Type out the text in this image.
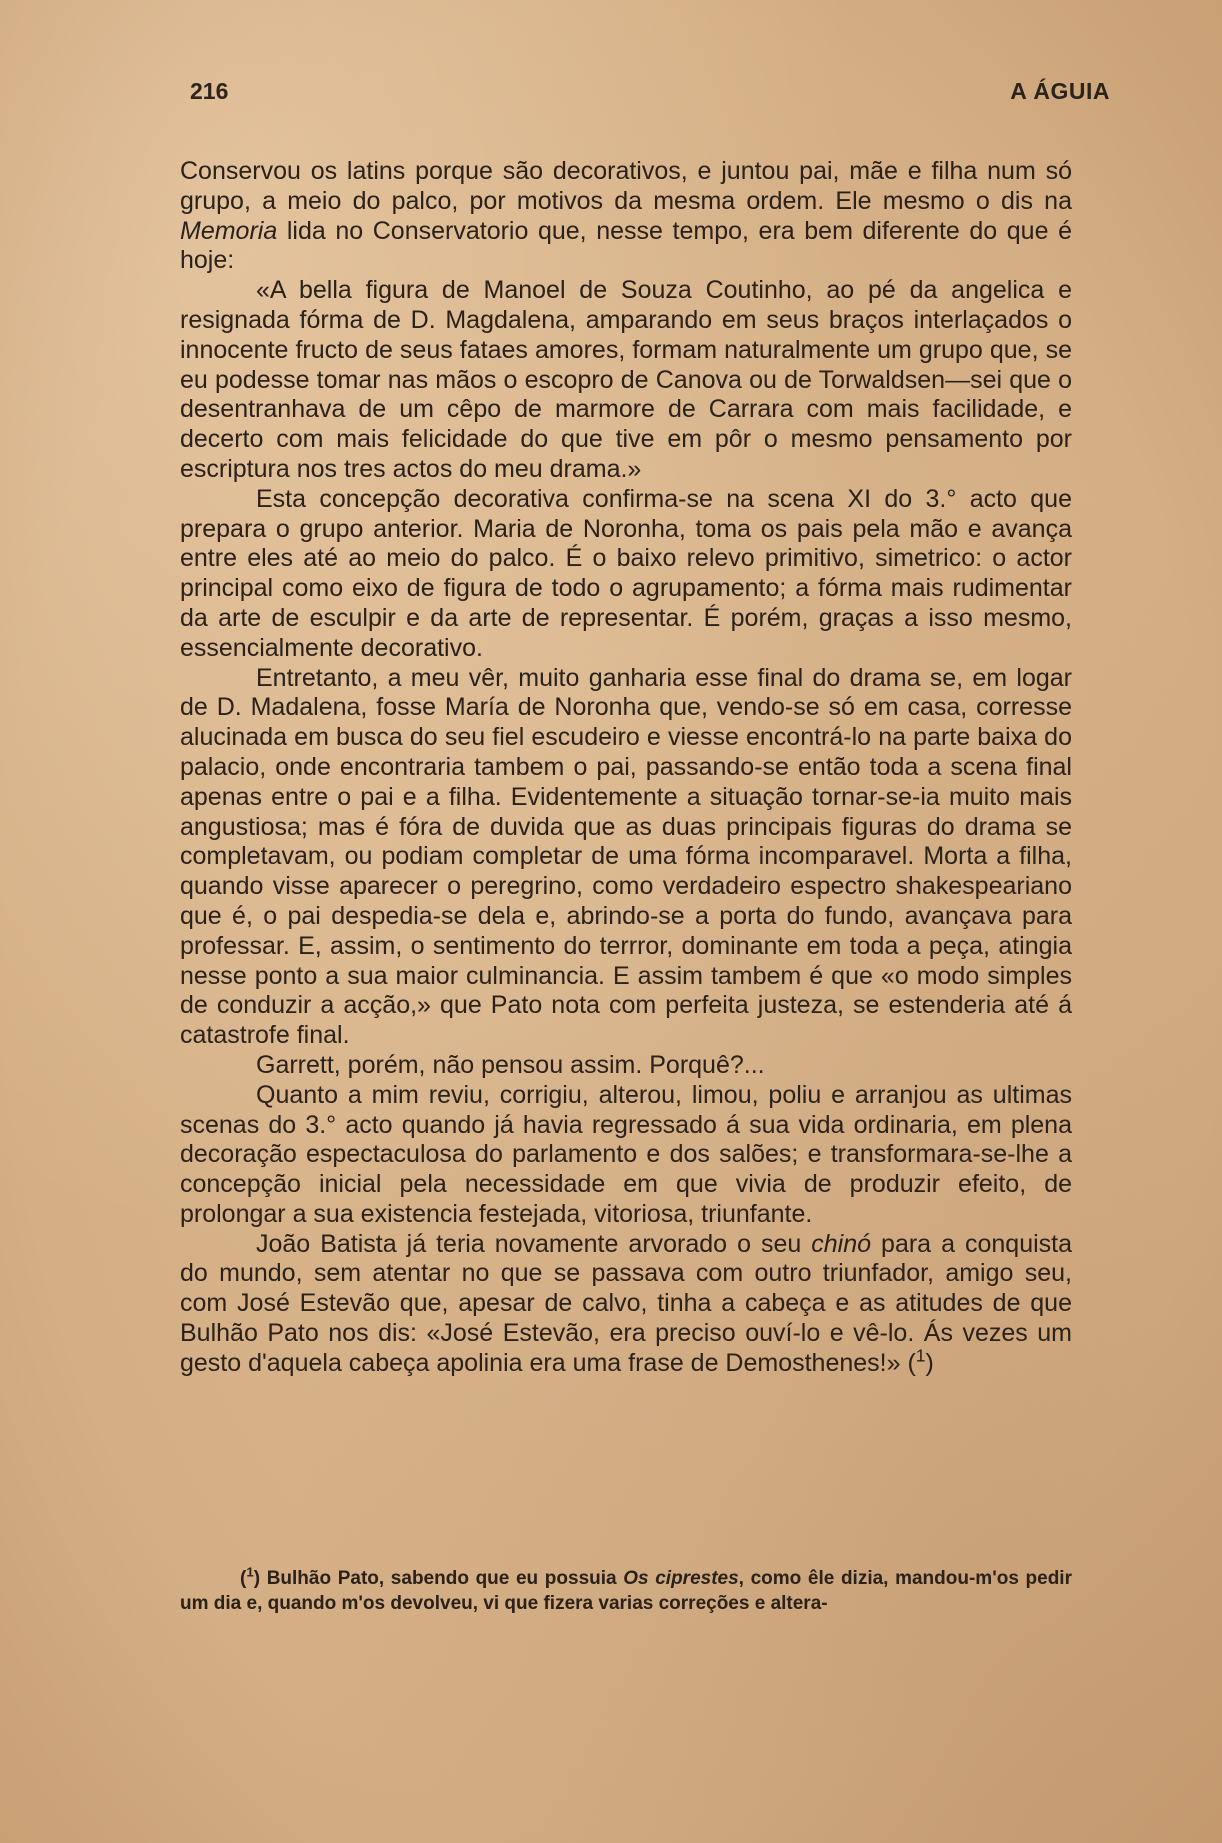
216	A ÁGUIA

Conservou os latins porque são decorativos, e juntou pai, mãe e filha num só grupo, a meio do palco, por motivos da mesma ordem. Ele mesmo o dis na Memoria lida no Conservatorio que, nesse tempo, era bem diferente do que é hoje:

«A bella figura de Manoel de Souza Coutinho, ao pé da angelica e resignada fórma de D. Magdalena, amparando em seus braços interlaçados o innocente fructo de seus fataes amores, formam naturalmente um grupo que, se eu podesse tomar nas mãos o escopro de Canova ou de Torwaldsen—sei que o desentranhava de um cêpo de marmore de Carrara com mais facilidade, e decerto com mais felicidade do que tive em pôr o mesmo pensamento por escriptura nos tres actos do meu drama.»

Esta concepção decorativa confirma-se na scena XI do 3.° acto que prepara o grupo anterior. Maria de Noronha, toma os pais pela mão e avança entre eles até ao meio do palco. É o baixo relevo primitivo, simetrico: o actor principal como eixo de figura de todo o agrupamento; a fórma mais rudimentar da arte de esculpir e da arte de representar. É porém, graças a isso mesmo, essencialmente decorativo.

Entretanto, a meu vêr, muito ganharia esse final do drama se, em logar de D. Madalena, fosse María de Noronha que, vendo-se só em casa, corresse alucinada em busca do seu fiel escudeiro e viesse encontrá-lo na parte baixa do palacio, onde encontraria tambem o pai, passando-se então toda a scena final apenas entre o pai e a filha. Evidentemente a situação tornar-se-ia muito mais angustiosa; mas é fóra de duvida que as duas principais figuras do drama se completavam, ou podiam completar de uma fórma incomparavel. Morta a filha, quando visse aparecer o peregrino, como verdadeiro espectro shakespeariano que é, o pai despedia-se dela e, abrindo-se a porta do fundo, avançava para professar. E, assim, o sentimento do terrror, dominante em toda a peça, atingia nesse ponto a sua maior culminancia. E assim tambem é que «o modo simples de conduzir a acção,» que Pato nota com perfeita justeza, se estenderia até á catastrofe final.

Garrett, porém, não pensou assim. Porquê?...

Quanto a mim reviu, corrigiu, alterou, limou, poliu e arranjou as ultimas scenas do 3.° acto quando já havia regressado á sua vida ordinaria, em plena decoração espectaculosa do parlamento e dos salões; e transformara-se-lhe a concepção inicial pela necessidade em que vivia de produzir efeito, de prolongar a sua existencia festejada, vitoriosa, triunfante.

João Batista já teria novamente arvorado o seu chinó para a conquista do mundo, sem atentar no que se passava com outro triunfador, amigo seu, com José Estevão que, apesar de calvo, tinha a cabeça e as atitudes de que Bulhão Pato nos dis: «José Estevão, era preciso ouví-lo e vê-lo. Ás vezes um gesto d'aquela cabeça apolinia era uma frase de Demosthenes!» ($^1$)

($^1$) Bulhão Pato, sabendo que eu possuia Os ciprestes, como êle dizia, mandou-m'os pedir um dia e, quando m'os devolveu, vi que fizera varias correções e altera-
